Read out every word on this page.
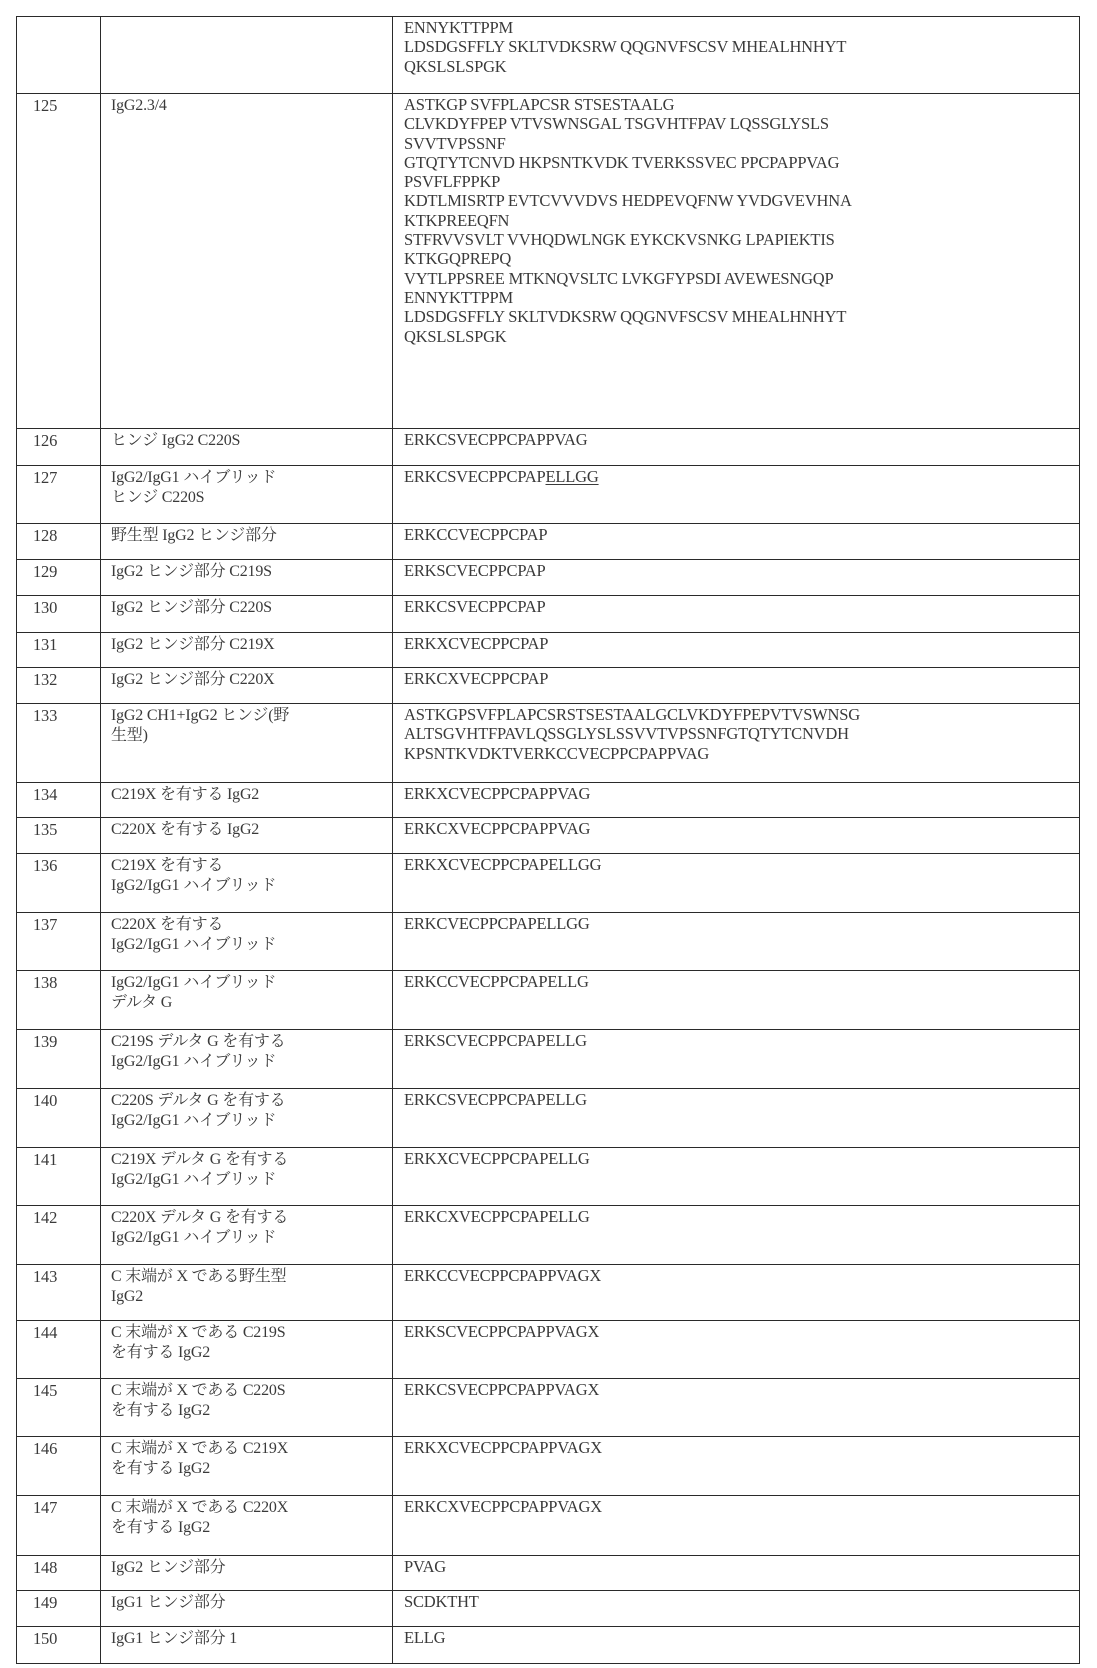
		ENNYKTTPPM
LDSDGSFFLY SKLTVDKSRW QQGNVFSCSV MHEALHNHYT
QKSLSLSPGK

125	IgG2.3/4	ASTKGP SVFPLAPCSR STSESTAALG
CLVKDYFPEP VTVSWNSGAL TSGVHTFPAV LQSSGLYSLS
SVVTVPSSNF
GTQTYTCNVD HKPSNTKVDK TVERKSSVEC PPCPAPPVAG
PSVFLFPPKP
KDTLMISRTP EVTCVVVDVS HEDPEVQFNW YVDGVEVHNA
KTKPREEQFN
STFRVVSVLT VVHQDWLNGK EYKCKVSNKG LPAPIEKTIS
KTKGQPREPQ
VYTLPPSREE MTKNQVSLTC LVKGFYPSDI AVEWESNGQP
ENNYKTTPPM
LDSDGSFFLY SKLTVDKSRW QQGNVFSCSV MHEALHNHYT
QKSLSLSPGK

126	ヒンジ IgG2 C220S	ERKCSVECPPCPAPPVAG

127	IgG2/IgG1 ハイブリッド
ヒンジ C220S	ERKCSVECPPCPAPELLGG

128	野生型 IgG2 ヒンジ部分	ERKCCVECPPCPAP

129	IgG2 ヒンジ部分 C219S	ERKSCVECPPCPAP

130	IgG2 ヒンジ部分 C220S	ERKCSVECPPCPAP

131	IgG2 ヒンジ部分 C219X	ERKXCVECPPCPAP

132	IgG2 ヒンジ部分 C220X	ERKCXVECPPCPAP

133	IgG2 CH1+IgG2 ヒンジ(野
生型)	ASTKGPSVFPLAPCSRSTSESTAALGCLVKDYFPEPVTVSWNSG
ALTSGVHTFPAVLQSSGLYSLSSVVTVPSSNFGTQTYTCNVDH
KPSNTKVDKTVERKCCVECPPCPAPPVAG

134	C219X を有する IgG2	ERKXCVECPPCPAPPVAG

135	C220X を有する IgG2	ERKCXVECPPCPAPPVAG

136	C219X を有する
IgG2/IgG1 ハイブリッド	ERKXCVECPPCPAPELLGG

137	C220X を有する
IgG2/IgG1 ハイブリッド	ERKCVECPPCPAPELLGG

138	IgG2/IgG1 ハイブリッド
デルタ G	ERKCCVECPPCPAPELLG

139	C219S デルタ G を有する
IgG2/IgG1 ハイブリッド	ERKSCVECPPCPAPELLG

140	C220S デルタ G を有する
IgG2/IgG1 ハイブリッド	ERKCSVECPPCPAPELLG

141	C219X デルタ G を有する
IgG2/IgG1 ハイブリッド	ERKXCVECPPCPAPELLG

142	C220X デルタ G を有する
IgG2/IgG1 ハイブリッド	ERKCXVECPPCPAPELLG

143	C 末端が X である野生型
IgG2	ERKCCVECPPCPAPPVAGX

144	C 末端が X である C219S
を有する IgG2	ERKSCVECPPCPAPPVAGX

145	C 末端が X である C220S
を有する IgG2	ERKCSVECPPCPAPPVAGX

146	C 末端が X である C219X
を有する IgG2	ERKXCVECPPCPAPPVAGX

147	C 末端が X である C220X
を有する IgG2	ERKCXVECPPCPAPPVAGX

148	IgG2 ヒンジ部分	PVAG

149	IgG1 ヒンジ部分	SCDKTHT

150	IgG1 ヒンジ部分 1	ELLG
